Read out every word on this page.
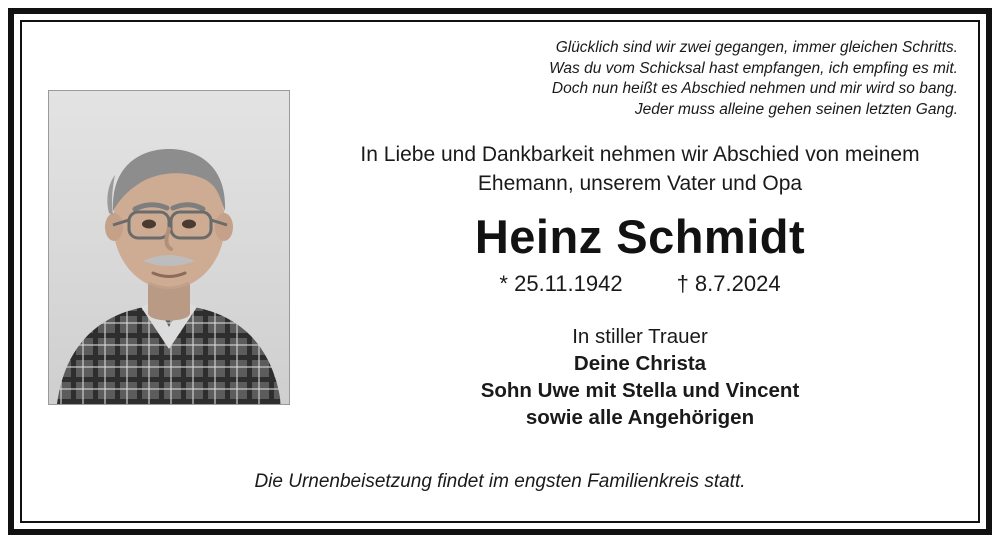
Glücklich sind wir zwei gegangen, immer gleichen Schritts.
Was du vom Schicksal hast empfangen, ich empfing es mit.
Doch nun heißt es Abschied nehmen und mir wird so bang.
Jeder muss alleine gehen seinen letzten Gang.
In Liebe und Dankbarkeit nehmen wir Abschied von meinem
Ehemann, unserem Vater und Opa
Heinz Schmidt
* 25.11.1942 † 8.7.2024
In stiller Trauer
Deine Christa
Sohn Uwe mit Stella und Vincent
sowie alle Angehörigen
Die Urnenbeisetzung findet im engsten Familienkreis statt.
